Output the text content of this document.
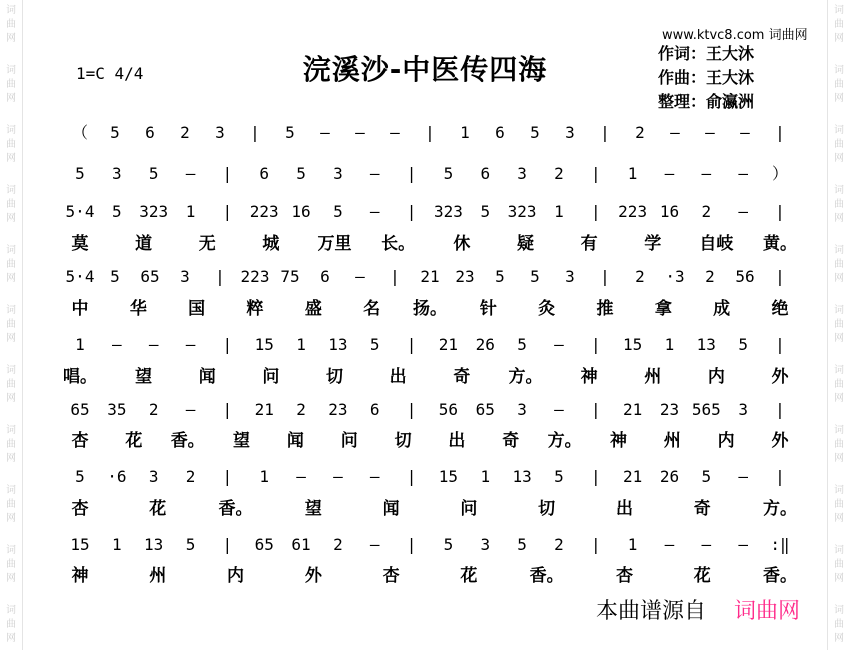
词曲网
词曲网
词曲网
词曲网
词曲网
词曲网
词曲网
词曲网
词曲网
词曲网
词曲网
词曲网
词曲网
词曲网
词曲网
词曲网
词曲网
词曲网
词曲网
词曲网
词曲网
词曲网
www.ktvc8.com 词曲网
浣溪沙-中医传四海
1=C 4/4
作词：王大沐
作曲：王大沐
整理：俞瀛洲
（ 5 6 2 3 | 5 — — — | 1 6 5 3 | 2 — — — |
5 3 5 — | 6 5 3 — | 5 6 3 2 | 1 — — — ）
5·4 5 323 1 | 223 16 5 — | 323 5 323 1 | 223 16 2 — |
莫	道	无	城 万里 长。 休	疑	有	学 自岐 黄。
5·4 5 65 3 | 223 75 6 — | 21 23 5 5 3 | 2 ·3 2 56 |
中 华 国 粹 盛 名 扬。 针 灸 推 拿 成 绝
1 — — — | 15 1 13 5 | 21 26 5 — | 15 1 13 5 |
唱。 望	闻	问	切	出	奇 方。 神	州	内	外
65 35 2 — | 21 2 23 6 | 56 65 3 — | 21 23 565 3 |
杏 花 香。 望 闻 问 切 出 奇 方。 神 州 内 外
5 ·6 3 2 | 1 — — — | 15 1 13 5 | 21 26 5 — |
杏	花	香。	望	闻	问	切	出	奇	方。
15 1 13 5 | 65 61 2 — | 5 3 5 2 | 1 — — — :‖
神	州	内	外	杏	花	香。	杏	花	香。
本曲谱源自 词曲网
